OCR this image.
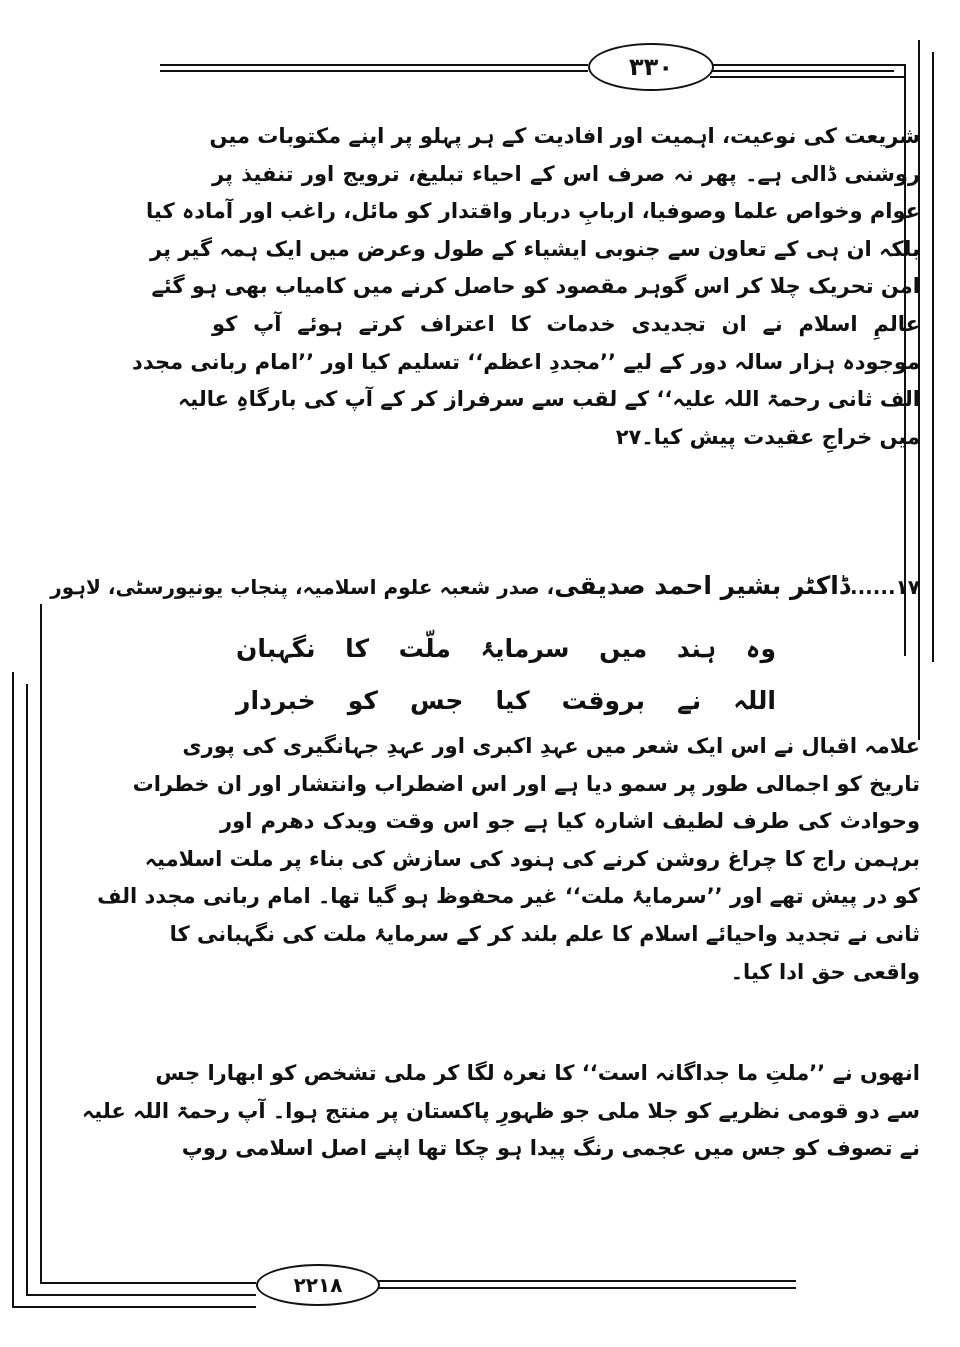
۳۳۰
۲۲۱۸
شریعت کی نوعیت، اہمیت اور افادیت کے ہر پہلو پر اپنے مکتوبات میں
روشنی ڈالی ہے۔ پھر نہ صرف اس کے احیاء تبلیغ، ترویج اور تنفیذ پر
عوام وخواص علما وصوفیا، اربابِ دربار واقتدار کو مائل، راغب اور آمادہ کیا
بلکہ ان ہی کے تعاون سے جنوبی ایشیاء کے طول وعرض میں ایک ہمہ گیر پر
امن تحریک چلا کر اس گوہر مقصود کو حاصل کرنے میں کامیاب بھی ہو گئے
عالمِ اسلام نے ان تجدیدی خدمات کا اعتراف کرتے ہوئے آپ کو
موجودہ ہزار سالہ دور کے لیے ’’مجددِ اعظم‘‘ تسلیم کیا اور ’’امام ربانی مجدد
الف ثانی رحمۃ اللہ علیہ‘‘ کے لقب سے سرفراز کر کے آپ کی بارگاہِ عالیہ
میں خراجِ عقیدت پیش کیا۔۲۷
۱۷......ڈاکٹر بشیر احمد صدیقی، صدر شعبہ علوم اسلامیہ، پنجاب یونیورسٹی، لاہور
وہ
ہند
میں
سرمایۂ
ملّت
کا
نگہبان
اللہ
نے
بروقت
کیا
جس
کو
خبردار
علامہ اقبال نے اس ایک شعر میں عہدِ اکبری اور عہدِ جہانگیری کی پوری
تاریخ کو اجمالی طور پر سمو دیا ہے اور اس اضطراب وانتشار اور ان خطرات
وحوادث کی طرف لطیف اشارہ کیا ہے جو اس وقت ویدک دھرم اور
برہمن راج کا چراغ روشن کرنے کی ہنود کی سازش کی بناء پر ملت اسلامیہ
کو در پیش تھے اور ’’سرمایۂ ملت‘‘ غیر محفوظ ہو گیا تھا۔ امام ربانی مجدد الف
ثانی نے تجدید واحیائے اسلام کا علم بلند کر کے سرمایۂ ملت کی نگہبانی کا
واقعی حق ادا کیا۔
انھوں نے ’’ملتِ ما جداگانہ است‘‘ کا نعرہ لگا کر ملی تشخص کو ابھارا جس
سے دو قومی نظریے کو جلا ملی جو ظہورِ پاکستان پر منتج ہوا۔ آپ رحمۃ اللہ علیہ
نے تصوف کو جس میں عجمی رنگ پیدا ہو چکا تھا اپنے اصل اسلامی روپ
